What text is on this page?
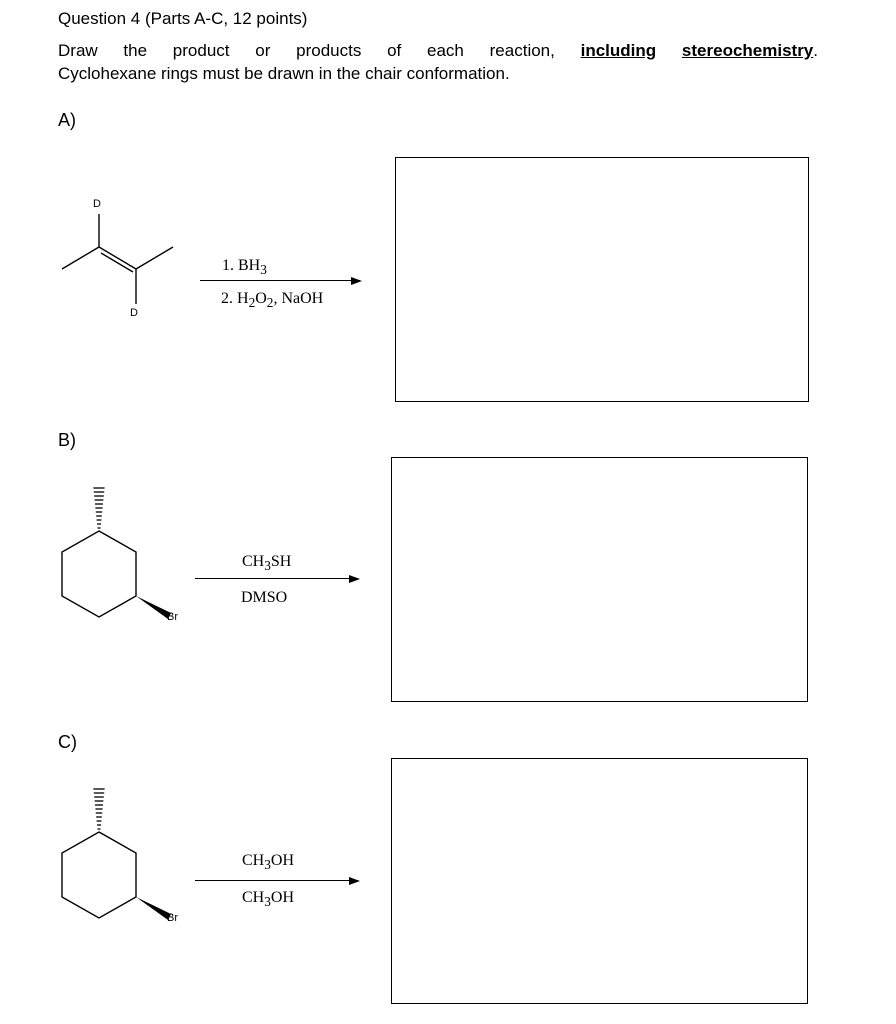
Question 4 (Parts A-C, 12 points)
Draw the product or products of each reaction, including stereochemistry.
Cyclohexane rings must be drawn in the chair conformation.
A)
D
D
1. $BH_3$
2. $H_2O_2$, NaOH
B)
Br
$CH_3SH$
DMSO
C)
Br
$CH_3OH$
$CH_3OH$
